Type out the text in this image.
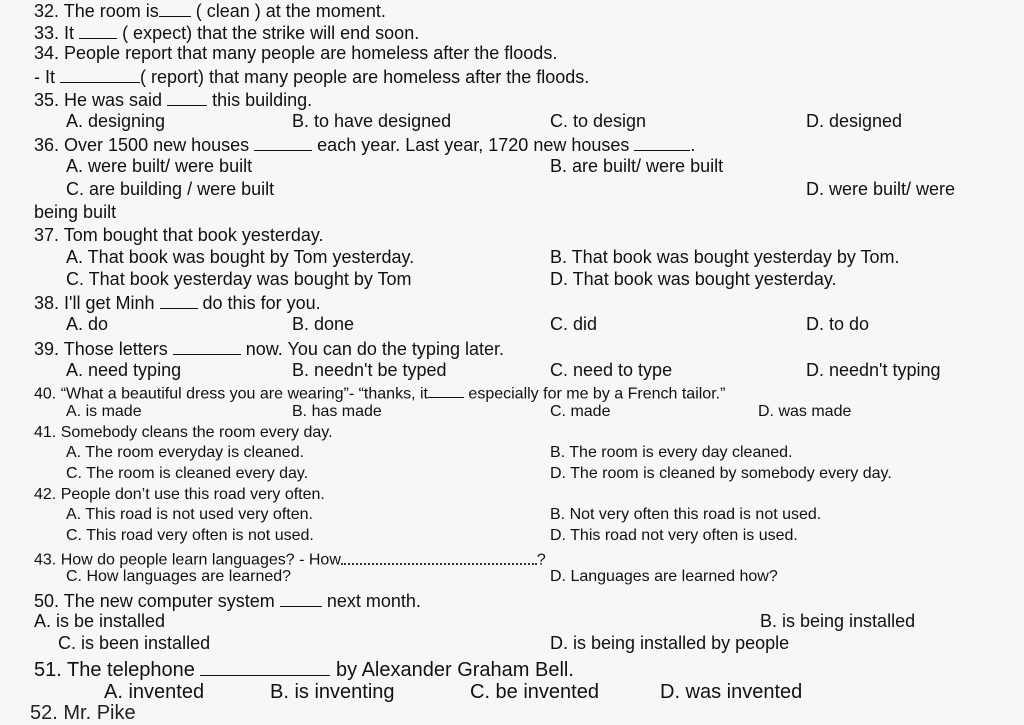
32. The room is ( clean ) at the moment.
33. It	( expect) that the strike will end soon.
34. People report that many people are homeless after the floods.
- It	( report) that many people are homeless after the floods.
35. He was said	this building.
A. designing	B. to have designed	C. to design	D. designed
36. Over 1500 new houses	each year. Last year, 1720 new houses	.
A. were built/ were built	B. are built/ were built
C. are building / were built	D. were built/ were
being built
37. Tom bought that book yesterday.
A. That book was bought by Tom yesterday.	B. That book was bought yesterday by Tom.
C. That book yesterday was bought by Tom	D. That book was bought yesterday.
38. I'll get Minh	do this for you.
A. do	B. done	C. did	D. to do
39. Those letters	now. You can do the typing later.
A. need typing	B. needn't be typed	C. need to type	D. needn't typing
40. “What a beautiful dress you are wearing”- “thanks, it	especially for me by a French tailor.”
A. is made	B. has made	C. made	D. was made
41. Somebody cleans the room every day.
A. The room everyday is cleaned.	B. The room is every day cleaned.
C. The room is cleaned every day.	D. The room is cleaned by somebody every day.
42. People don’t use this road very often.
A. This road is not used very often.	B. Not very often this road is not used.
C. This road very often is not used.	D. This road not very often is used.
43. How do people learn languages? - How	?
C. How languages are learned?	D. Languages are learned how?
50. The new computer system	next month.
A. is be installed	B. is being installed
C. is been installed	D. is being installed by people
51. The telephone	by Alexander Graham Bell.
A. invented	B. is inventing	C. be invented	D. was invented
52. Mr. Pike
